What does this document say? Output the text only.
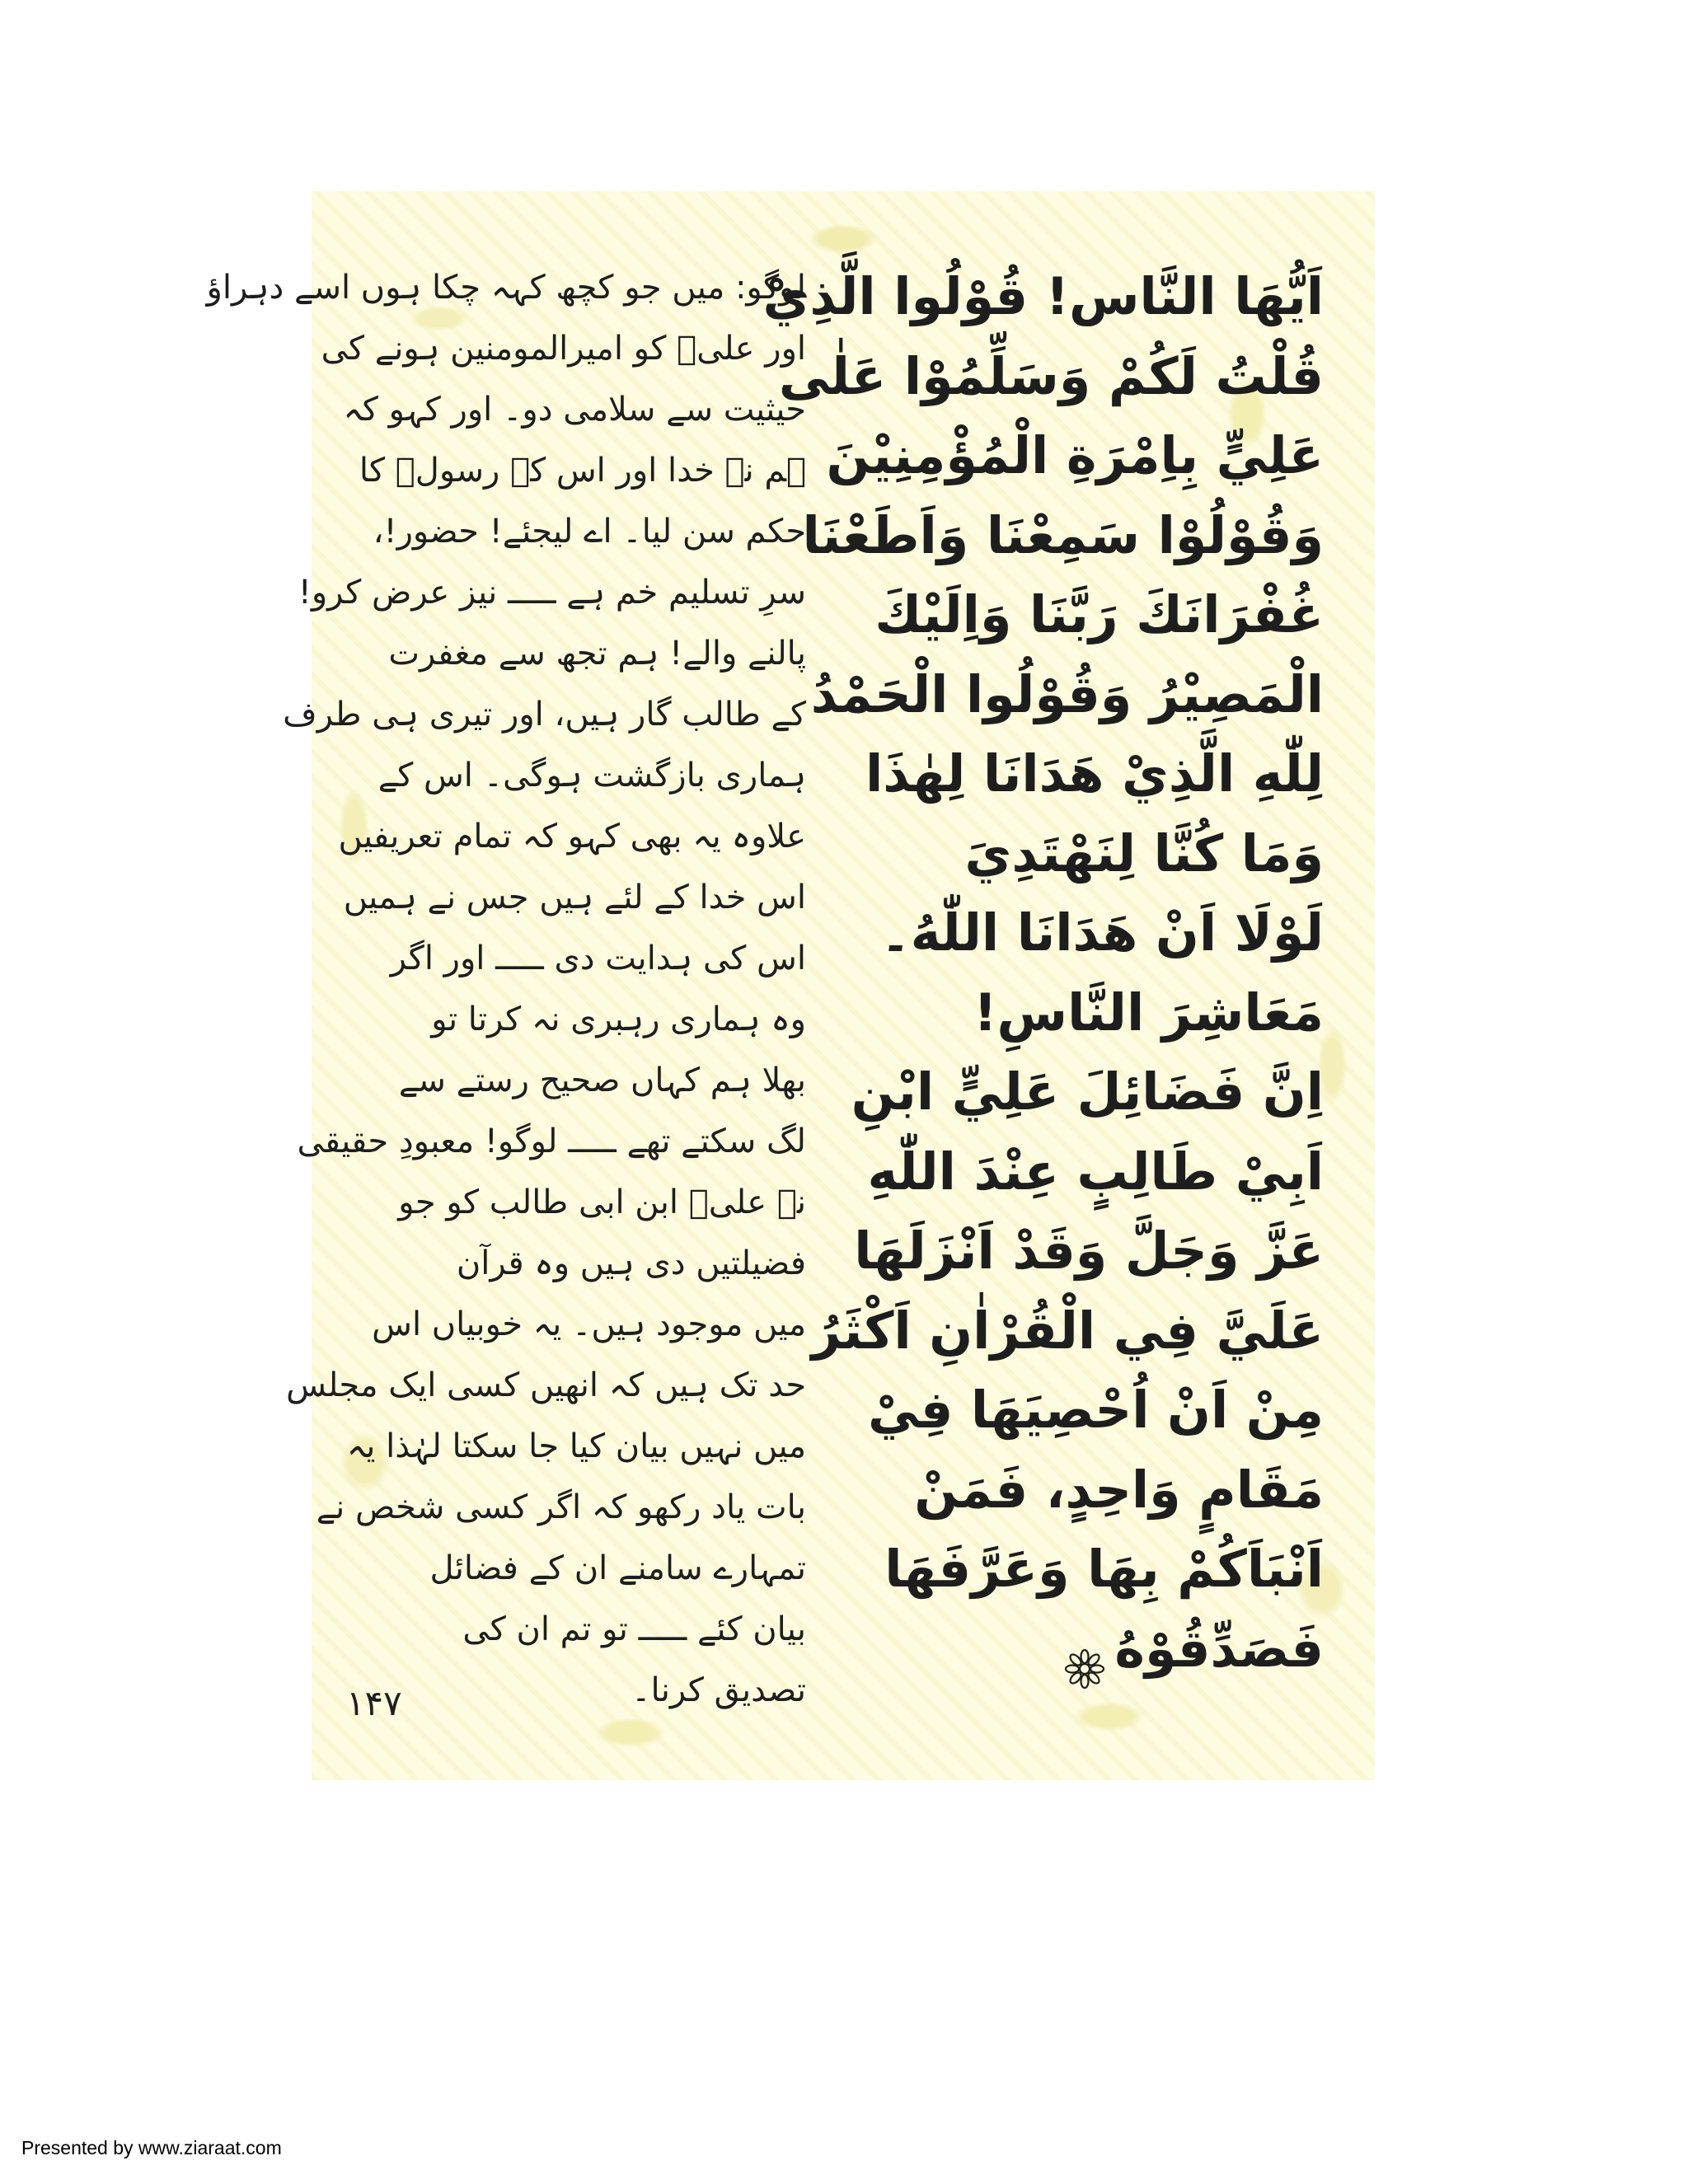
اَيُّهَا النَّاس! قُوْلُوا الَّذِيْ
قُلْتُ لَكُمْ وَسَلِّمُوْا عَلٰى
عَلِيٍّ بِاِمْرَةِ الْمُؤْمِنِيْنَ
وَقُوْلُوْا سَمِعْنَا وَاَطَعْنَا
غُفْرَانَكَ رَبَّنَا وَاِلَيْكَ
الْمَصِيْرُ وَقُوْلُوا الْحَمْدُ
لِلّٰهِ الَّذِيْ هَدَانَا لِهٰذَا
وَمَا كُنَّا لِنَهْتَدِيَ
لَوْلَا اَنْ هَدَانَا اللّٰهُ۔
مَعَاشِرَ النَّاسِ!
اِنَّ فَضَائِلَ عَلِيٍّ ابْنِ
اَبِيْ طَالِبٍ عِنْدَ اللّٰهِ
عَزَّ وَجَلَّ وَقَدْ اَنْزَلَهَا
عَلَيَّ فِي الْقُرْاٰنِ اَكْثَرُ
مِنْ اَنْ اُحْصِيَهَا فِيْ
مَقَامٍ وَاحِدٍ، فَمَنْ
اَنْبَاَكُمْ بِهَا وَعَرَّفَهَا
فَصَدِّقُوْهُ
لوگو: میں جو کچھ کہہ چکا ہوں اسے دہراؤ
اور علیؑ کو امیرالمومنین ہونے کی
حیثیت سے سلامی دو۔ اور کہو کہ
ہم نے خدا اور اس کے رسولؐ کا
حکم سن لیا۔ اے لیجئے! حضور!،
سرِ تسلیم خم ہے ـــــ نیز عرض کرو!
پالنے والے! ہم تجھ سے مغفرت
کے طالب گار ہیں، اور تیری ہی طرف
ہماری بازگشت ہوگی۔ اس کے
علاوہ یہ بھی کہو کہ تمام تعریفیں
اس خدا کے لئے ہیں جس نے ہمیں
اس کی ہدایت دی ـــــ اور اگر
وہ ہماری رہبری نہ کرتا تو
بھلا ہم کہاں صحیح رستے سے
لگ سکتے تھے ـــــ لوگو! معبودِ حقیقی
نے علیؑ ابن ابی طالب کو جو
فضیلتیں دی ہیں وہ قرآن
میں موجود ہیں۔ یہ خوبیاں اس
حد تک ہیں کہ انھیں کسی ایک مجلس
میں نہیں بیان کیا جا سکتا لہٰذا یہ
بات یاد رکھو کہ اگر کسی شخص نے
تمہارے سامنے ان کے فضائل
بیان کئے ـــــ تو تم ان کی
تصدیق کرنا۔
۱۴۷
Presented by www.ziaraat.com
